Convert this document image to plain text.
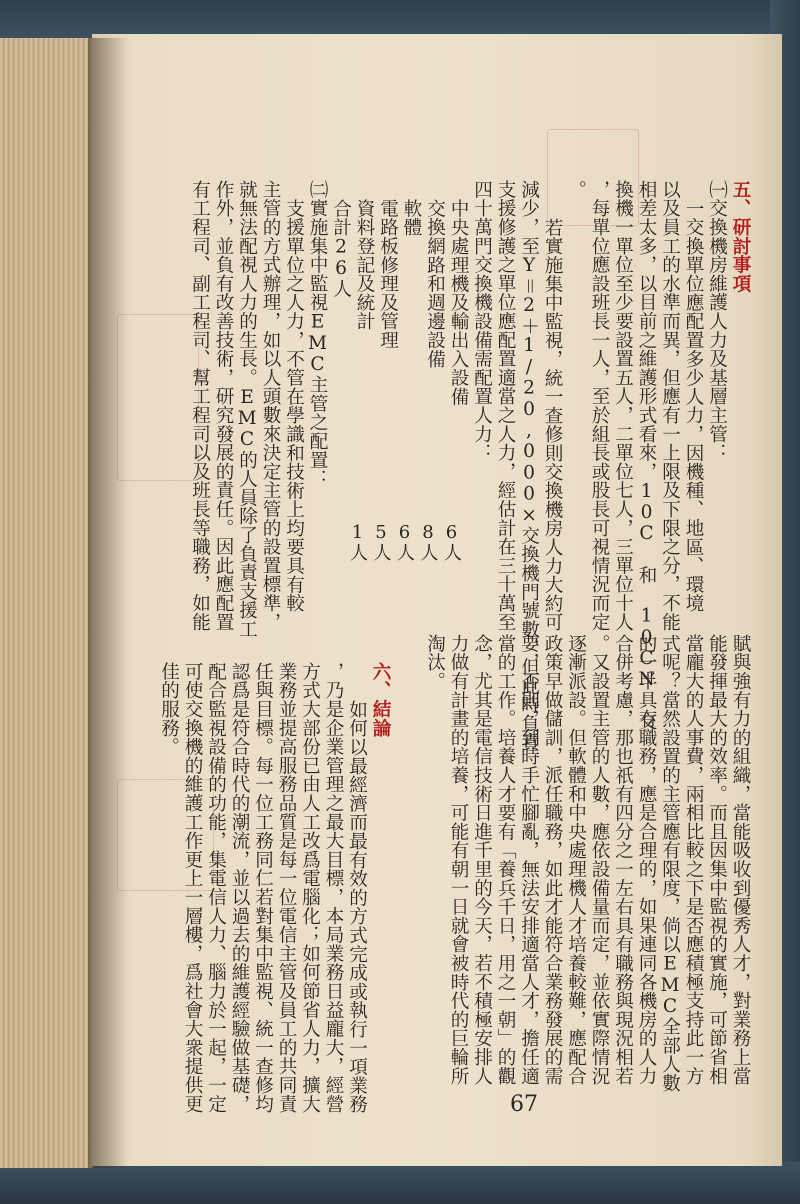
五、研討事項
㈠交換機房維護人力及基層主管：
一交換單位應配置多少人力，因機種、地區、環境
以及員工的水準而異，但應有一上限及下限之分，不能
相差太多，以目前之維護形式看來，10C 和 10CN 交
換機一單位至少要設置五人，二單位七人，三單位十人
，每單位應設班長一人，至於組長或股長可視情況而定
。
若實施集中監視，統一查修則交換機房人力大約可
減少，至Y＝2＋1/20,000×交換機門號數，但此時負責
支援修護之單位應配置適當之人力，經估計在三十萬至
四十萬門交換機設備需配置人力：
中央處理機及輸出入設備
交換網路和週邊設備
軟體
電路板修理及管理
資料登記及統計
合計26人
㈡實施集中監視EMC主管之配置：
支援單位之人力，不管在學識和技術上均要具有較
主管的方式辦理，如以人頭數來決定主管的設置標準，
就無法配視人力的生長。EMC的人員除了負責支援工
作外，並負有改善技術，研究發展的責任。因此應配置
有工程司、副工程司、幫工程司以及班長等職務，如能	6人
8人
6人
5人
1人
賦與強有力的組織，當能吸收到優秀人才，對業務上當
能發揮最大的效率。而且因集中監視的實施，可節省相
當龐大的人事費，兩相比較之下是否應積極支持此一方
式呢？當然設置的主管應有限度，倘以EMC全部人數
的一半具有職務，應是合理的，如果連同各機房的人力
合併考慮，那也祇有四分之一左右具有職務與現況相若
。又設置主管的人數，應依設備量而定，並依實際情況
逐漸派設。但軟體和中央處理機人才培養較難，應配合
政策早做儲訓，派任職務，如此才能符合業務發展的需
要，否則，到時手忙腳亂，無法安排適當人才，擔任適
當的工作。培養人才要有「養兵千日，用之一朝」的觀
念，尤其是電信技術日進千里的今天，若不積極安排人
力做有計畫的培養，可能有朝一日就會被時代的巨輪所
淘汰。
六、結論
如何以最經濟而最有效的方式完成或執行一項業務
，乃是企業管理之最大目標，本局業務日益龐大，經營
方式大部份已由人工改爲電腦化；如何節省人力，擴大
業務並提高服務品質是每一位電信主管及員工的共同責
任與目標。每一位工務同仁若對集中監視、統一查修均
認爲是符合時代的潮流，並以過去的維護經驗做基礎，
配合監視設備的功能，集電信人力、腦力於一起，一定
可使交換機的維護工作更上一層樓，爲社會大衆提供更
佳的服務。
67
